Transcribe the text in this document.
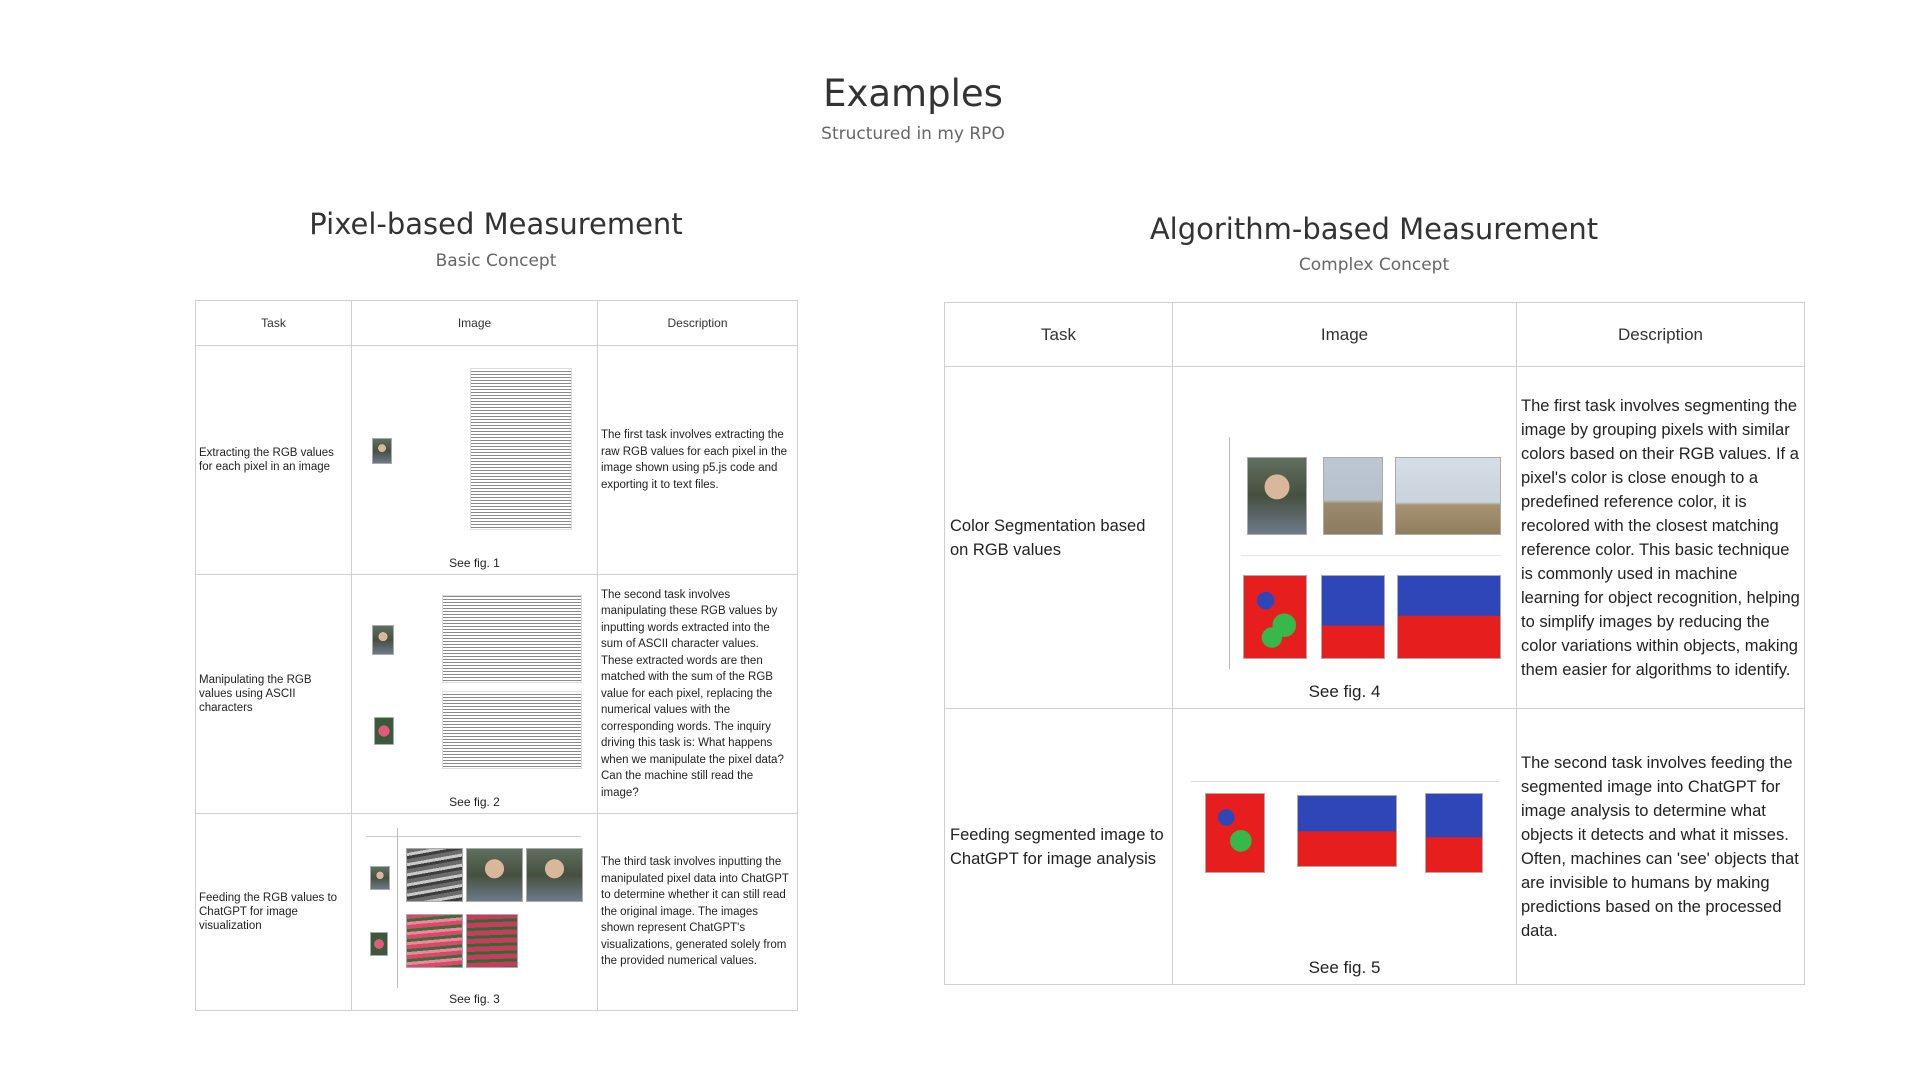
Examples
Structured in my RPO
Pixel-based Measurement
Basic Concept
Algorithm-based Measurement
Complex Concept
Task	Image	Description
Extracting the RGB values for each pixel in an image	See fig. 1	The first task involves extracting the raw RGB values for each pixel in the image shown using p5.js code and exporting it to text files.
Manipulating the RGB values using ASCII characters	See fig. 2	The second task involves manipulating these RGB values by inputting words extracted into the sum of ASCII character values. These extracted words are then matched with the sum of the RGB value for each pixel, replacing the numerical values with the corresponding words. The inquiry driving this task is: What happens when we manipulate the pixel data? Can the machine still read the image?
Feeding the RGB values to ChatGPT for image visualization	See fig. 3	The third task involves inputting the manipulated pixel data into ChatGPT to determine whether it can still read the original image. The images shown represent ChatGPT's visualizations, generated solely from the provided numerical values.
Task	Image	Description
Color Segmentation based on RGB values	See fig. 4	The first task involves segmenting the image by grouping pixels with similar colors based on their RGB values. If a pixel's color is close enough to a predefined reference color, it is recolored with the closest matching reference color. This basic technique is commonly used in machine learning for object recognition, helping to simplify images by reducing the color variations within objects, making them easier for algorithms to identify.
Feeding segmented image to ChatGPT for image analysis	See fig. 5	The second task involves feeding the segmented image into ChatGPT for image analysis to determine what objects it detects and what it misses. Often, machines can 'see' objects that are invisible to humans by making predictions based on the processed data.
